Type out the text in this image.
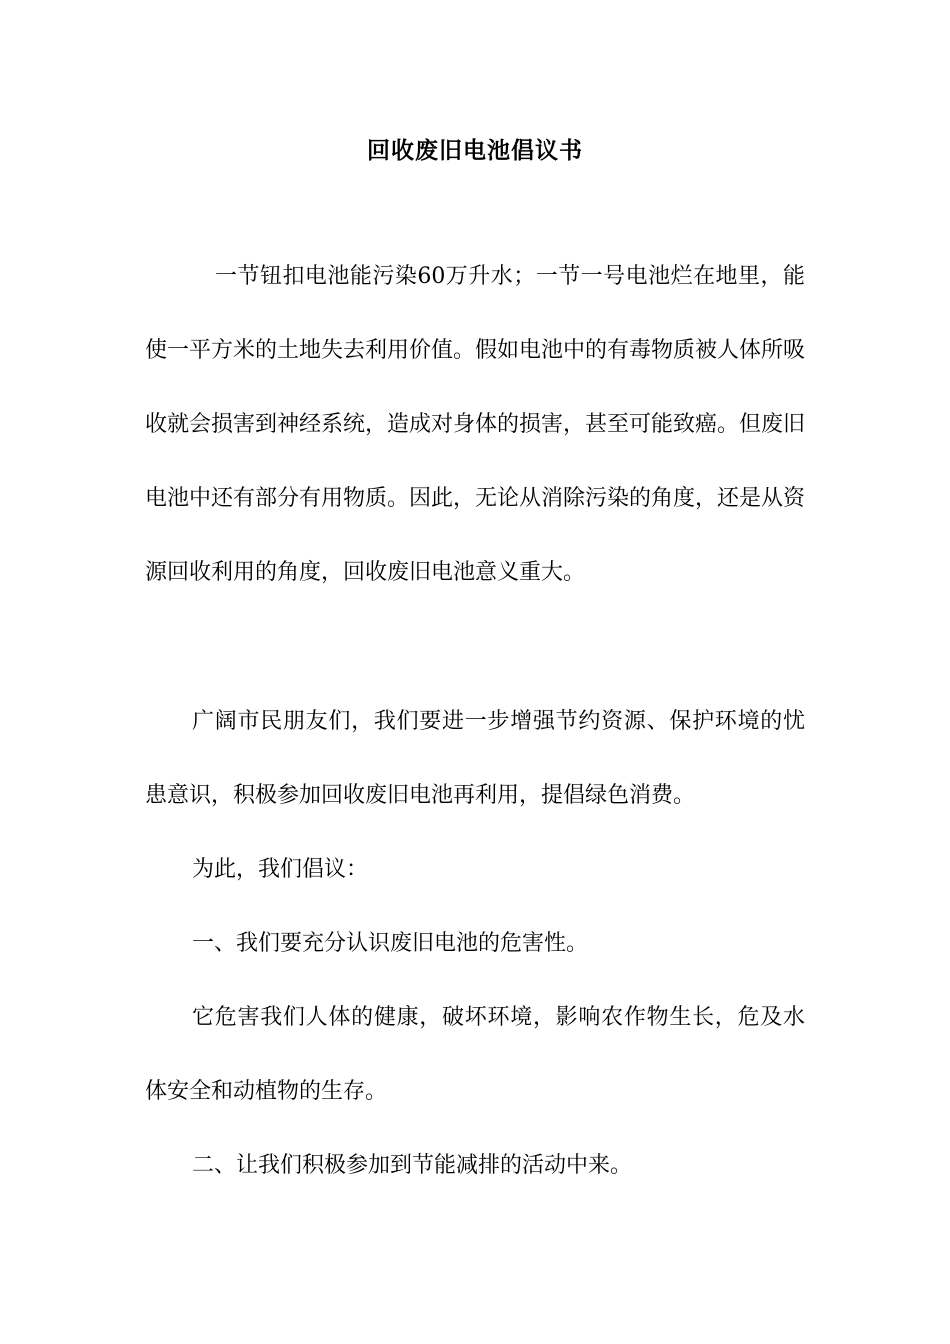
回收废旧电池倡议书

一节钮扣电池能污染60万升水；一节一号电池烂在地里，能使一平方米的土地失去利用价值。假如电池中的有毒物质被人体所吸收就会损害到神经系统，造成对身体的损害，甚至可能致癌。但废旧电池中还有部分有用物质。因此，无论从消除污染的角度，还是从资源回收利用的角度，回收废旧电池意义重大。

广阔市民朋友们，我们要进一步增强节约资源、保护环境的忧患意识，积极参加回收废旧电池再利用，提倡绿色消费。

为此，我们倡议：

一、我们要充分认识废旧电池的危害性。

它危害我们人体的健康，破坏环境，影响农作物生长，危及水体安全和动植物的生存。

二、让我们积极参加到节能减排的活动中来。
